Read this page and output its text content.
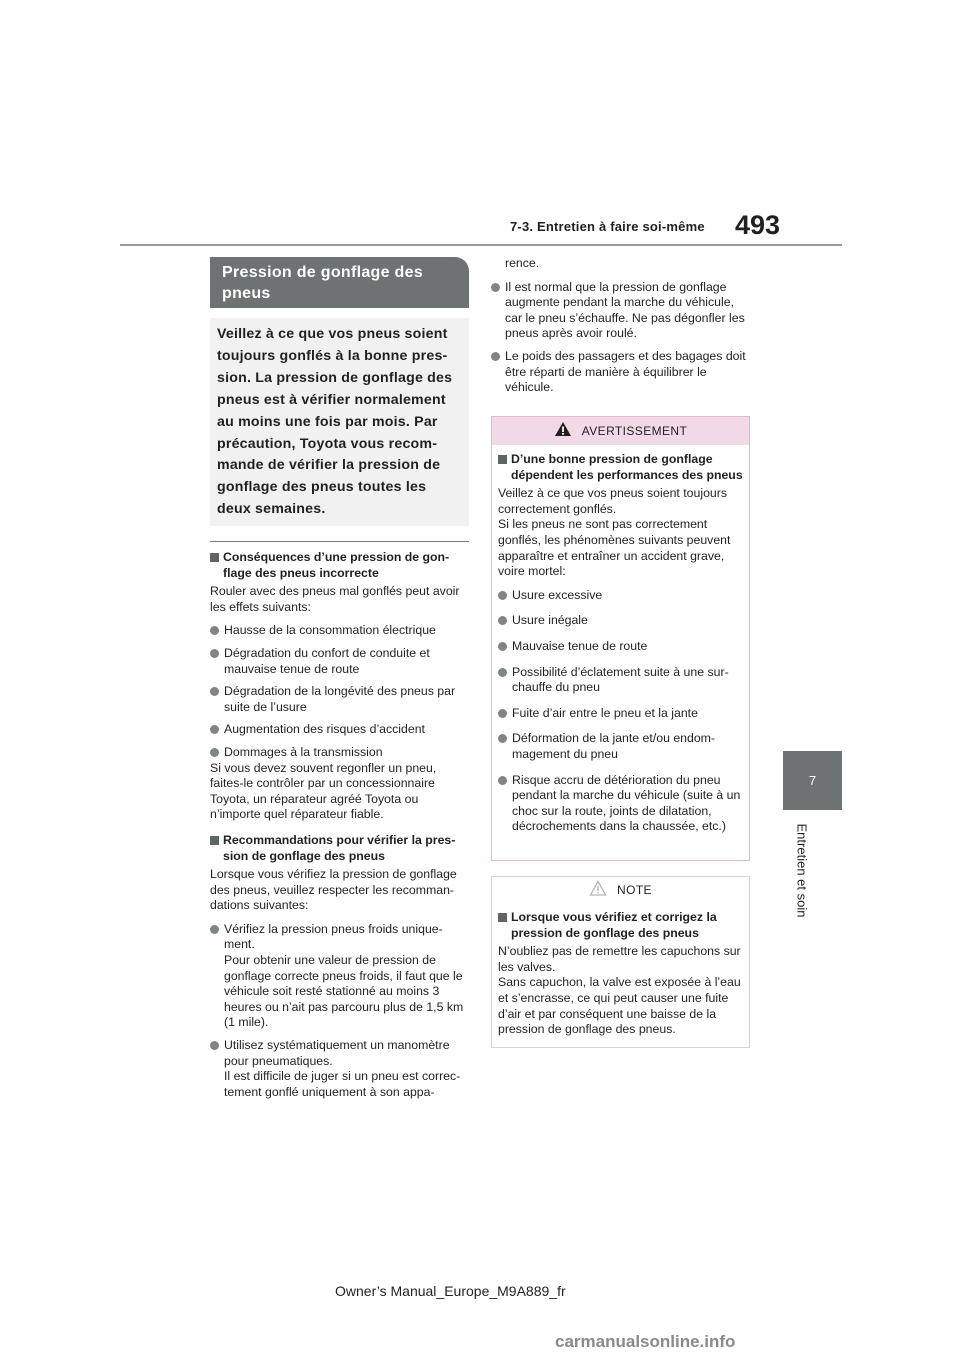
7-3. Entretien à faire soi-même 493
7
Entretien et soin
Pression de gonflage des
pneus

Veillez à ce que vos pneus soient toujours gonflés à la bonne pres-sion. La pression de gonflage des pneus est à vérifier normalement au moins une fois par mois. Par précaution, Toyota vous recom-mande de vérifier la pression de gonflage des pneus toutes les deux semaines.

Conséquences d’une pression de gon-flage des pneus incorrecte

Rouler avec des pneus mal gonflés peut avoir les effets suivants:

Hausse de la consommation électrique
Dégradation du confort de conduite et mauvaise tenue de route
Dégradation de la longévité des pneus par suite de l’usure
Augmentation des risques d’accident
Dommages à la transmission

Si vous devez souvent regonfler un pneu, faites-le contrôler par un concessionnaire Toyota, un réparateur agréé Toyota ou n’importe quel réparateur fiable.

Recommandations pour vérifier la pres-sion de gonflage des pneus

Lorsque vous vérifiez la pression de gonflage des pneus, veuillez respecter les recomman-dations suivantes:

Vérifiez la pression pneus froids unique-ment.
Pour obtenir une valeur de pression de gonflage correcte pneus froids, il faut que le véhicule soit resté stationné au moins 3 heures ou n’ait pas parcouru plus de 1,5 km (1 mile).
Utilisez systématiquement un manomètre pour pneumatiques.
Il est difficile de juger si un pneu est correc-tement gonflé uniquement à son appa-

rence.

Il est normal que la pression de gonflage augmente pendant la marche du véhicule, car le pneu s’échauffe. Ne pas dégonfler les pneus après avoir roulé.
Le poids des passagers et des bagages doit être réparti de manière à équilibrer le véhicule.
AVERTISSEMENT
D’une bonne pression de gonflage dépendent les performances des pneus

Veillez à ce que vos pneus soient toujours correctement gonflés.
Si les pneus ne sont pas correctement gonflés, les phénomènes suivants peuvent apparaître et entraîner un accident grave, voire mortel:

Usure excessive
Usure inégale
Mauvaise tenue de route
Possibilité d’éclatement suite à une sur-chauffe du pneu
Fuite d’air entre le pneu et la jante
Déformation de la jante et/ou endom-magement du pneu
Risque accru de détérioration du pneu pendant la marche du véhicule (suite à un choc sur la route, joints de dilatation, décrochements dans la chaussée, etc.)
NOTE
Lorsque vous vérifiez et corrigez la pression de gonflage des pneus

N’oubliez pas de remettre les capuchons sur les valves.
Sans capuchon, la valve est exposée à l’eau et s’encrasse, ce qui peut causer une fuite d’air et par conséquent une baisse de la pression de gonflage des pneus.

Owner’s Manual_Europe_M9A889_fr
carmanualsonline.info
